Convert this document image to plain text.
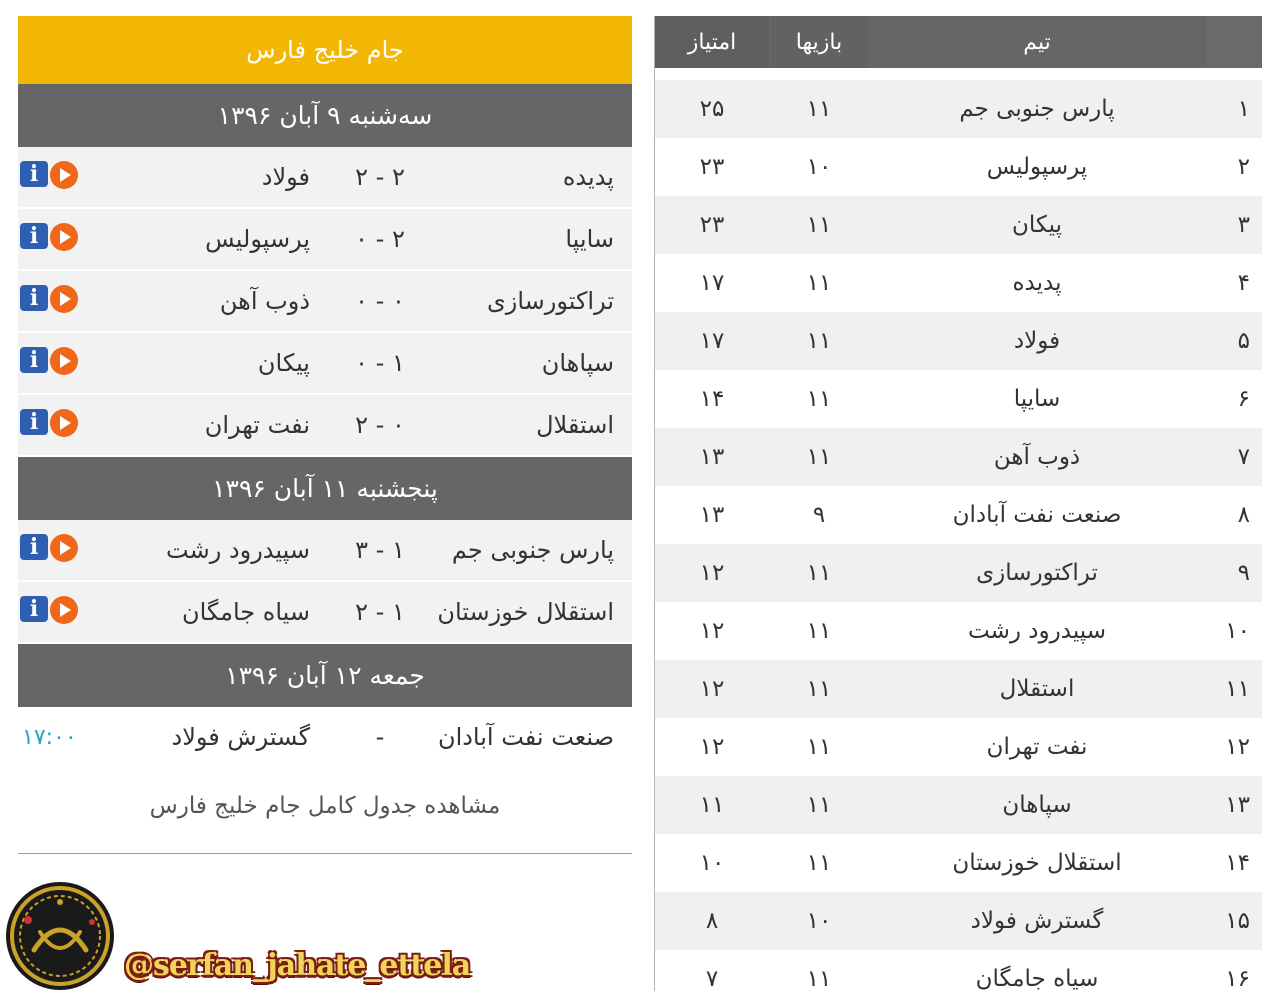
جام خلیج فارس
سه‌شنبه ۹ آبان ۱۳۹۶
پدیده
۲ - ۲
فولاد
i
سایپا
۰ - ۲
پرسپولیس
i
تراکتورسازی
۰ - ۰
ذوب آهن
i
سپاهان
۰ - ۱
پیکان
i
استقلال
۲ - ۰
نفت تهران
i
پنجشنبه ۱۱ آبان ۱۳۹۶
پارس جنوبی جم
۳ - ۱
سپیدرود رشت
i
استقلال خوزستان
۲ - ۱
سیاه جامگان
i
جمعه ۱۲ آبان ۱۳۹۶
صنعت نفت آبادان
-
گسترش فولاد
۱۷:۰۰
مشاهده جدول کامل جام خلیج فارس
امتیاز	بازیها	تیم
۲۵	۱۱	پارس جنوبی جم	۱
۲۳	۱۰	پرسپولیس	۲
۲۳	۱۱	پیکان	۳
۱۷	۱۱	پدیده	۴
۱۷	۱۱	فولاد	۵
۱۴	۱۱	سایپا	۶
۱۳	۱۱	ذوب آهن	۷
۱۳	۹	صنعت نفت آبادان	۸
۱۲	۱۱	تراکتورسازی	۹
۱۲	۱۱	سپیدرود رشت	۱۰
۱۲	۱۱	استقلال	۱۱
۱۲	۱۱	نفت تهران	۱۲
۱۱	۱۱	سپاهان	۱۳
۱۰	۱۱	استقلال خوزستان	۱۴
۸	۱۰	گسترش فولاد	۱۵
۷	۱۱	سیاه جامگان	۱۶
@serfan_jahate_ettela
